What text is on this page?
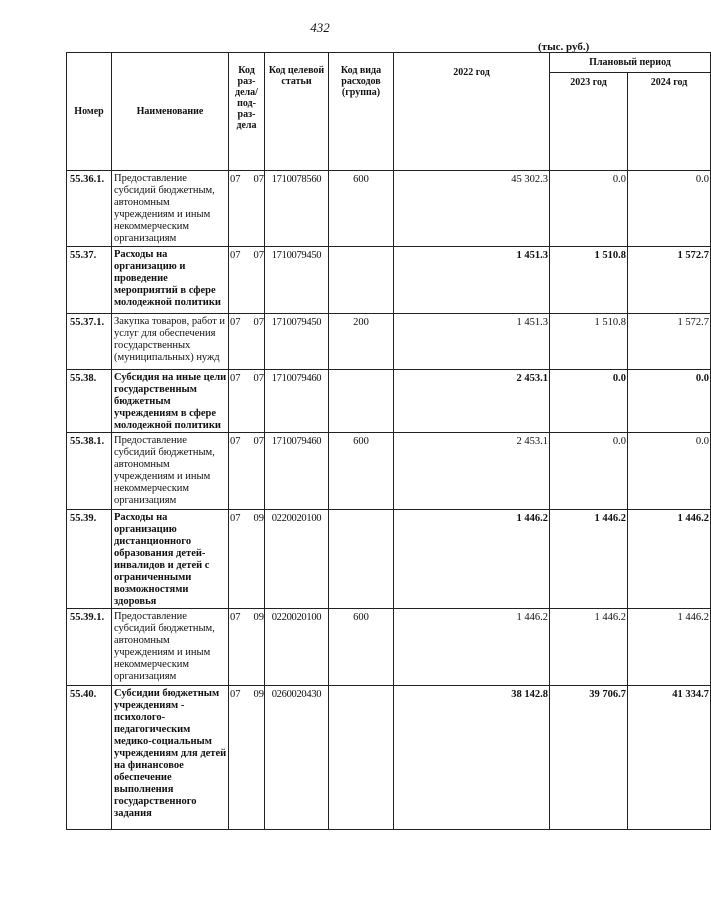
432
(тыс. руб.)
Номер	Наименование	Код раз-дела/ под-раз-дела	Код целевой статьи	Код вида расходов (группа)	2022 год	Плановый период	
						2023 год	2024 год
55.36.1.	Предоставление субсидий бюджетным, автономным учреждениям и иным некоммерческим организациям	07 07	1710078560	600	45 302.3	0.0	0.0
55.37.	Расходы на организацию и проведение мероприятий в сфере молодежной политики	07 07	1710079450		1 451.3	1 510.8	1 572.7
55.37.1.	Закупка товаров, работ и услуг для обеспечения государственных (муниципальных) нужд	07 07	1710079450	200	1 451.3	1 510.8	1 572.7
55.38.	Субсидия на иные цели государственным бюджетным учреждениям в сфере молодежной политики	07 07	1710079460		2 453.1	0.0	0.0
55.38.1.	Предоставление субсидий бюджетным, автономным учреждениям и иным некоммерческим организациям	07 07	1710079460	600	2 453.1	0.0	0.0
55.39.	Расходы на организацию дистанционного образования детей-инвалидов и детей с ограниченными возможностями здоровья	07 09	0220020100		1 446.2	1 446.2	1 446.2
55.39.1.	Предоставление субсидий бюджетным, автономным учреждениям и иным некоммерческим организациям	07 09	0220020100	600	1 446.2	1 446.2	1 446.2
55.40.	Субсидии бюджетным учреждениям - психолого-педагогическим медико-социальным учреждениям для детей на финансовое обеспечение выполнения государственного задания	07 09	0260020430		38 142.8	39 706.7	41 334.7
